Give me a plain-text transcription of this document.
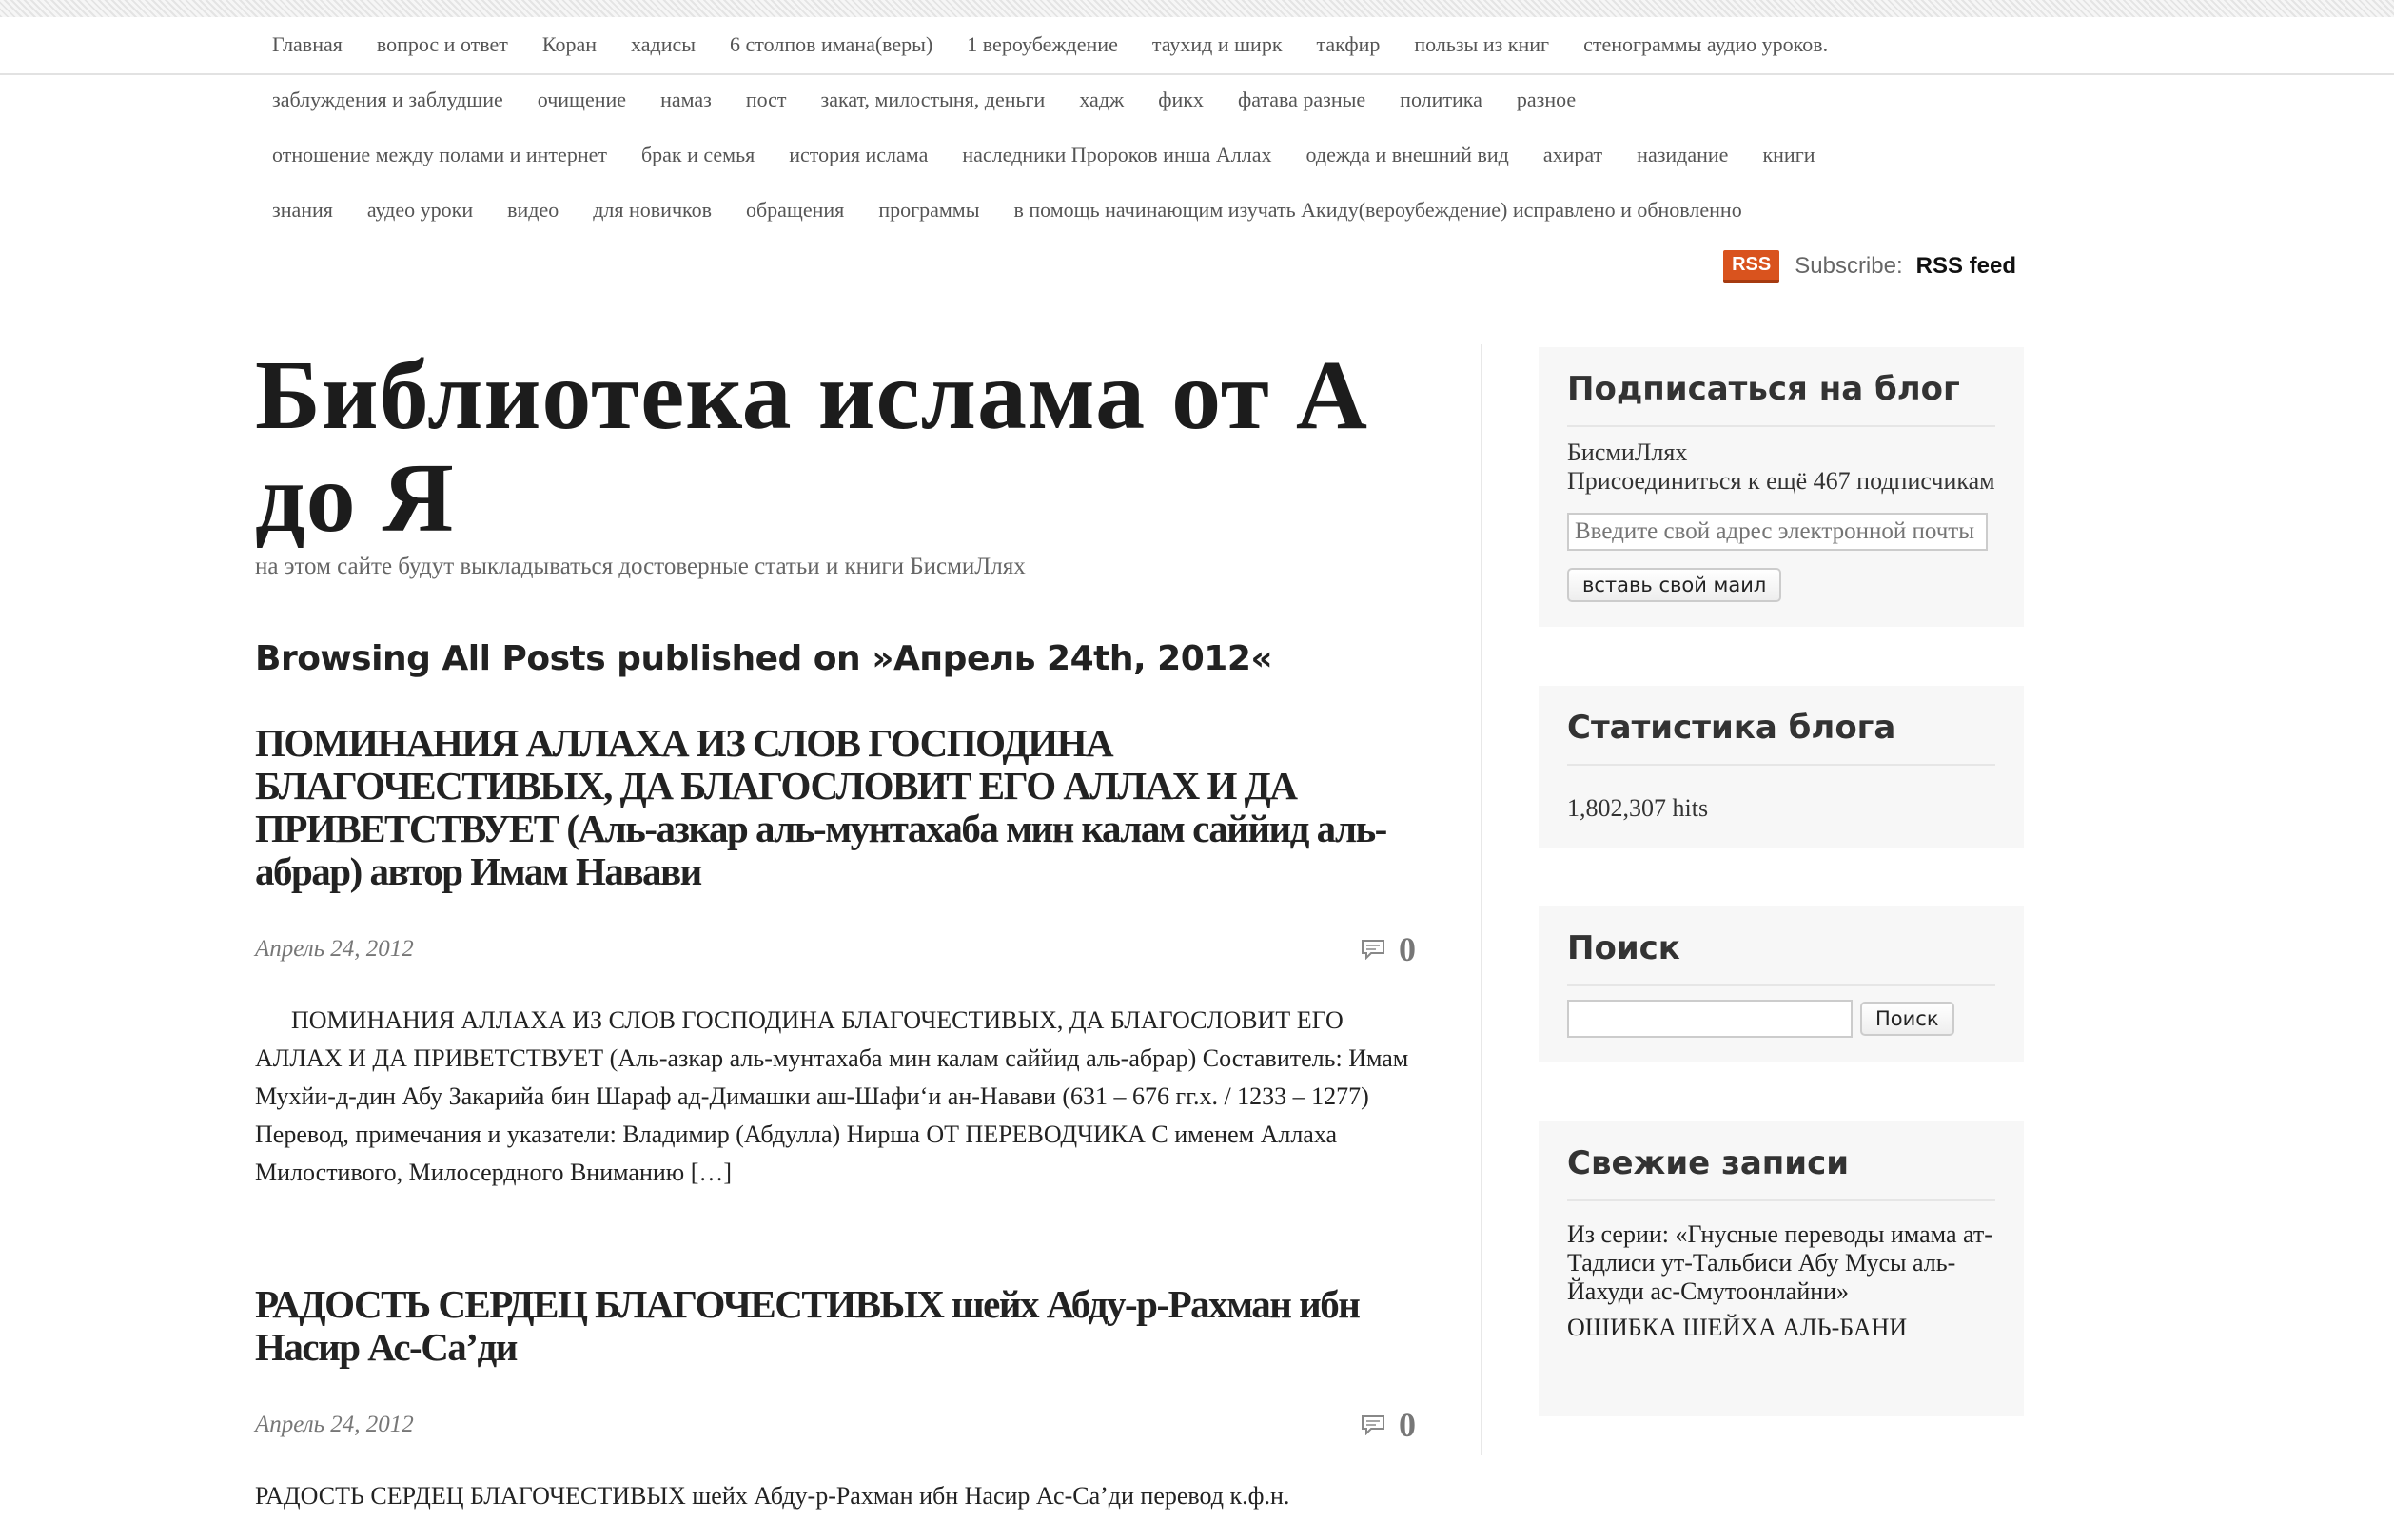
Главная вопрос и ответ Коран хадисы 6 столпов имана(веры) 1 вероубеждение таухид и ширк такфир пользы из книг стенограммы аудио уроков.
заблуждения и заблудшие очищение намаз пост закат, милостыня, деньги хадж фикх фатава разные политика разное
отношение между полами и интернет брак и семья история ислама наследники Пророков инша Аллах одежда и внешний вид ахират назидание книги
знания аудео уроки видео для новичков обращения программы в помощь начинающим изучать Акиду(вероубеждение) исправлено и обновленно
RSS	Subscribe: RSS feed
Библиотека ислама от А до Я
на этом сайте будут выкладываться достоверные статьи и книги БисмиЛлях
Browsing All Posts published on »Апрель 24th, 2012«
ПОМИНАНИЯ АЛЛАХА ИЗ СЛОВ ГОСПОДИНА БЛАГОЧЕСТИВЫХ, ДА БЛАГОСЛОВИТ ЕГО АЛЛАХ И ДА ПРИВЕТСТВУЕТ (Аль-азкар аль-мунтахаба мин калам саййид аль-абрар) автор Имам Навави
Апрель 24, 2012	0

ПОМИНАНИЯ АЛЛАХА ИЗ СЛОВ ГОСПОДИНА БЛАГОЧЕСТИВЫХ, ДА БЛАГОСЛОВИТ ЕГО АЛЛАХ И ДА ПРИВЕТСТВУЕТ (Аль-азкар аль-мунтахаба мин калам саййид аль-абрар) Составитель: Имам Мухйи-д-дин Абу Закарийа бин Шараф ад-Димашки аш-Шафи‘и ан-Навави (631 – 676 гг.х. / 1233 – 1277) Перевод, примечания и указатели: Владимир (Абдулла) Нирша ОТ ПЕРЕВОДЧИКА С именем Аллаха Милостивого, Милосердного Вниманию […]

РАДОСТЬ СЕРДЕЦ БЛАГОЧЕСТИВЫХ шейх Абду-р-Рахман ибн Насир Ас-Са’ди
Апрель 24, 2012	0

РАДОСТЬ СЕРДЕЦ БЛАГОЧЕСТИВЫХ шейх Абду-р-Рахман ибн Насир Ас-Са’ди перевод к.ф.н.

Подписаться на блог
БисмиЛлях
Присоединиться к ещё 467 подписчикам
Введите свой адрес электронной почты
вставь свой маил
Статистика блога
1,802,307 hits
Поиск
Поиск
Свежие записи
Из серии: «Гнусные переводы имама ат-Тадлиси ут-Тальбиси Абу Мусы аль-Йахуди ас-Смутоонлайни»
ОШИБКА ШЕЙХА АЛЬ-БАНИ
